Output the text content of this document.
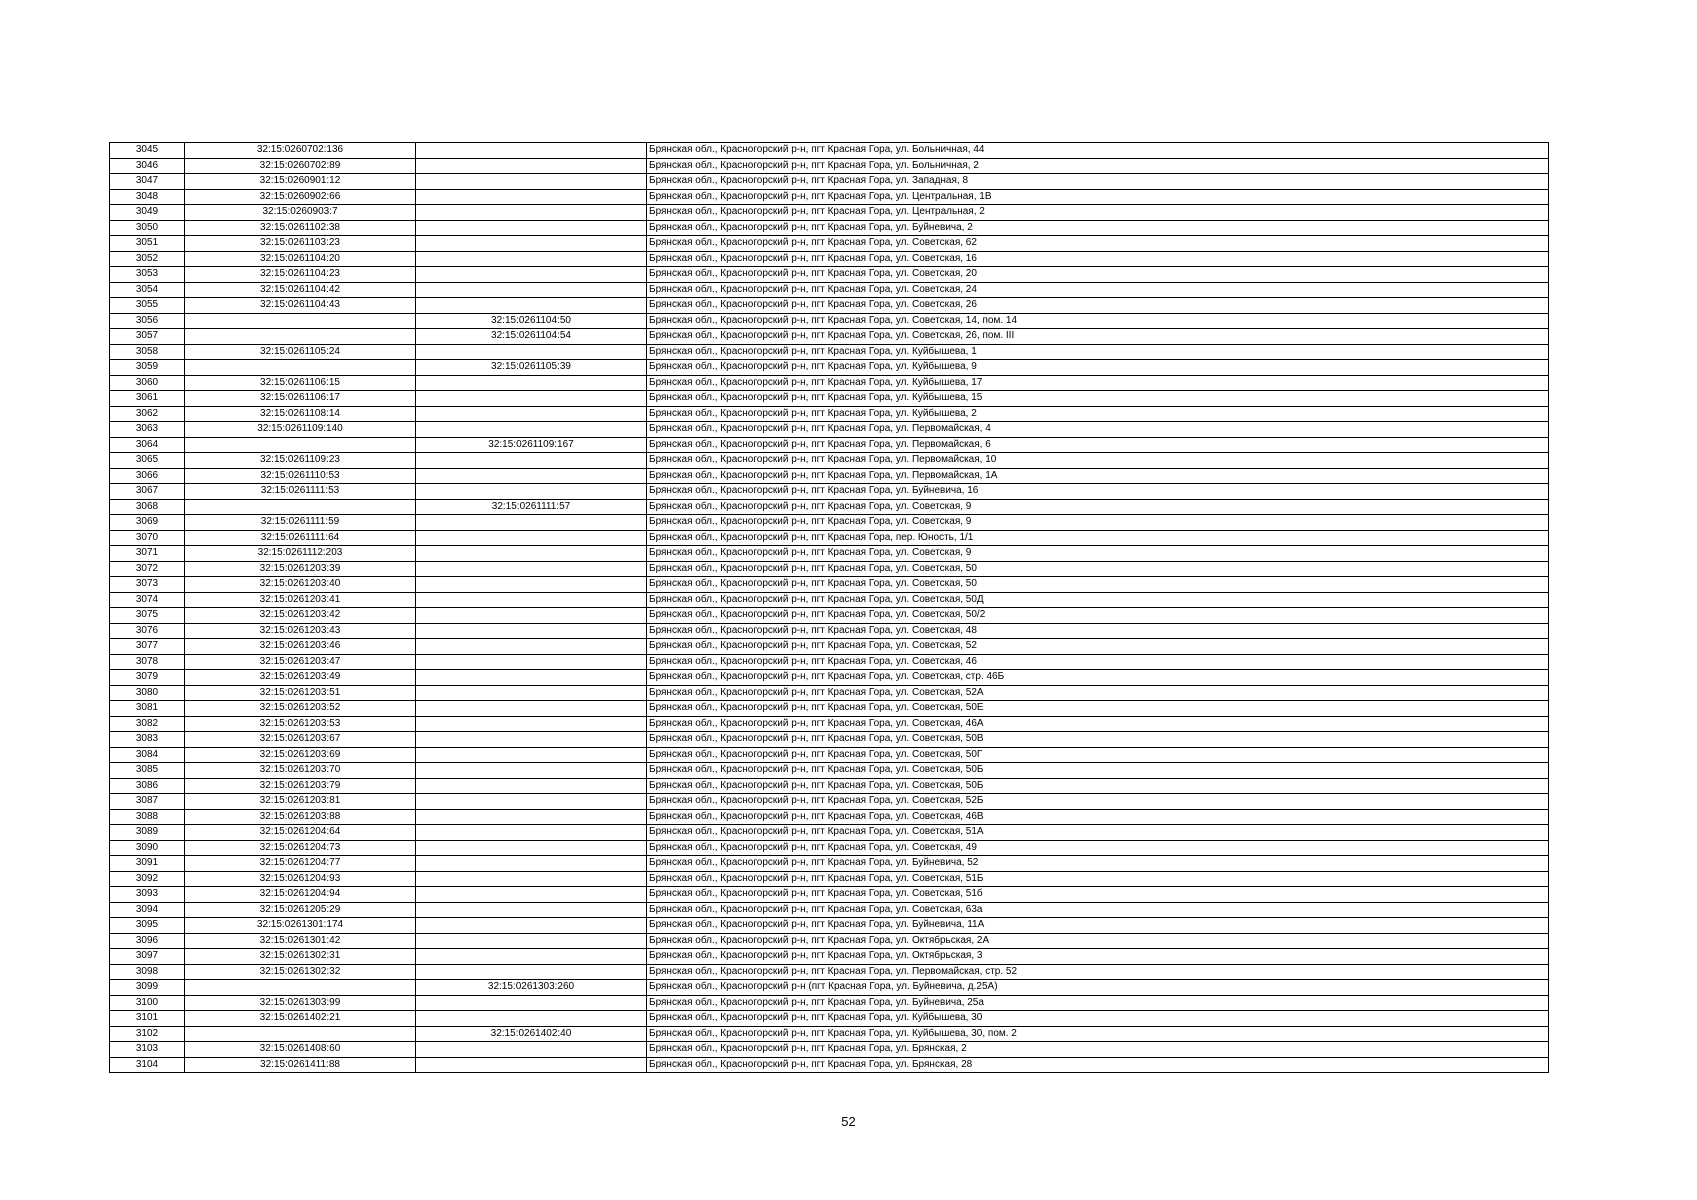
3045	32:15:0260702:136		Брянская обл., Красногорский р-н, пгт Красная Гора, ул. Больничная, 44
3046	32:15:0260702:89		Брянская обл., Красногорский р-н, пгт Красная Гора, ул. Больничная, 2
3047	32:15:0260901:12		Брянская обл., Красногорский р-н, пгт Красная Гора, ул. Западная, 8
3048	32:15:0260902:66		Брянская обл., Красногорский р-н, пгт Красная Гора, ул. Центральная, 1В
3049	32:15:0260903:7		Брянская обл., Красногорский р-н, пгт Красная Гора, ул. Центральная, 2
3050	32:15:0261102:38		Брянская обл., Красногорский р-н, пгт Красная Гора, ул. Буйневича, 2
3051	32:15:0261103:23		Брянская обл., Красногорский р-н, пгт Красная Гора, ул. Советская, 62
3052	32:15:0261104:20		Брянская обл., Красногорский р-н, пгт Красная Гора, ул. Советская, 16
3053	32:15:0261104:23		Брянская обл., Красногорский р-н, пгт Красная Гора, ул. Советская, 20
3054	32:15:0261104:42		Брянская обл., Красногорский р-н, пгт Красная Гора, ул. Советская, 24
3055	32:15:0261104:43		Брянская обл., Красногорский р-н, пгт Красная Гора, ул. Советская, 26
3056		32:15:0261104:50	Брянская обл., Красногорский р-н, пгт Красная Гора, ул. Советская, 14, пом. 14
3057		32:15:0261104:54	Брянская обл., Красногорский р-н, пгт Красная Гора, ул. Советская, 26, пом. III
3058	32:15:0261105:24		Брянская обл., Красногорский р-н, пгт Красная Гора, ул. Куйбышева, 1
3059		32:15:0261105:39	Брянская обл., Красногорский р-н, пгт Красная Гора, ул. Куйбышева, 9
3060	32:15:0261106:15		Брянская обл., Красногорский р-н, пгт Красная Гора, ул. Куйбышева, 17
3061	32:15:0261106:17		Брянская обл., Красногорский р-н, пгт Красная Гора, ул. Куйбышева, 15
3062	32:15:0261108:14		Брянская обл., Красногорский р-н, пгт Красная Гора, ул. Куйбышева, 2
3063	32:15:0261109:140		Брянская обл., Красногорский р-н, пгт Красная Гора, ул. Первомайская, 4
3064		32:15:0261109:167	Брянская обл., Красногорский р-н, пгт Красная Гора, ул. Первомайская, 6
3065	32:15:0261109:23		Брянская обл., Красногорский р-н, пгт Красная Гора, ул. Первомайская, 10
3066	32:15:0261110:53		Брянская обл., Красногорский р-н, пгт Красная Гора, ул. Первомайская, 1А
3067	32:15:0261111:53		Брянская обл., Красногорский р-н, пгт Красная Гора, ул. Буйневича, 16
3068		32:15:0261111:57	Брянская обл., Красногорский р-н, пгт Красная Гора, ул. Советская, 9
3069	32:15:0261111:59		Брянская обл., Красногорский р-н, пгт Красная Гора, ул. Советская, 9
3070	32:15:0261111:64		Брянская обл., Красногорский р-н, пгт Красная Гора, пер. Юность, 1/1
3071	32:15:0261112:203		Брянская обл., Красногорский р-н, пгт Красная Гора, ул. Советская, 9
3072	32:15:0261203:39		Брянская обл., Красногорский р-н, пгт Красная Гора, ул. Советская, 50
3073	32:15:0261203:40		Брянская обл., Красногорский р-н, пгт Красная Гора, ул. Советская, 50
3074	32:15:0261203:41		Брянская обл., Красногорский р-н, пгт Красная Гора, ул. Советская, 50Д
3075	32:15:0261203:42		Брянская обл., Красногорский р-н, пгт Красная Гора, ул. Советская, 50/2
3076	32:15:0261203:43		Брянская обл., Красногорский р-н, пгт Красная Гора, ул. Советская, 48
3077	32:15:0261203:46		Брянская обл., Красногорский р-н, пгт Красная Гора, ул. Советская, 52
3078	32:15:0261203:47		Брянская обл., Красногорский р-н, пгт Красная Гора, ул. Советская, 46
3079	32:15:0261203:49		Брянская обл., Красногорский р-н, пгт Красная Гора, ул. Советская, стр. 46Б
3080	32:15:0261203:51		Брянская обл., Красногорский р-н, пгт Красная Гора, ул. Советская, 52А
3081	32:15:0261203:52		Брянская обл., Красногорский р-н, пгт Красная Гора, ул. Советская, 50Е
3082	32:15:0261203:53		Брянская обл., Красногорский р-н, пгт Красная Гора, ул. Советская, 46А
3083	32:15:0261203:67		Брянская обл., Красногорский р-н, пгт Красная Гора, ул. Советская, 50В
3084	32:15:0261203:69		Брянская обл., Красногорский р-н, пгт Красная Гора, ул. Советская, 50Г
3085	32:15:0261203:70		Брянская обл., Красногорский р-н, пгт Красная Гора, ул. Советская, 50Б
3086	32:15:0261203:79		Брянская обл., Красногорский р-н, пгт Красная Гора, ул. Советская, 50Б
3087	32:15:0261203:81		Брянская обл., Красногорский р-н, пгт Красная Гора, ул. Советская, 52Б
3088	32:15:0261203:88		Брянская обл., Красногорский р-н, пгт Красная Гора, ул. Советская, 46В
3089	32:15:0261204:64		Брянская обл., Красногорский р-н, пгт Красная Гора, ул. Советская, 51А
3090	32:15:0261204:73		Брянская обл., Красногорский р-н, пгт Красная Гора, ул. Советская, 49
3091	32:15:0261204:77		Брянская обл., Красногорский р-н, пгт Красная Гора, ул. Буйневича, 52
3092	32:15:0261204:93		Брянская обл., Красногорский р-н, пгт Красная Гора, ул. Советская, 51Б
3093	32:15:0261204:94		Брянская обл., Красногорский р-н, пгт Красная Гора, ул. Советская, 51б
3094	32:15:0261205:29		Брянская обл., Красногорский р-н, пгт Красная Гора, ул. Советская, 63а
3095	32:15:0261301:174		Брянская обл., Красногорский р-н, пгт Красная Гора, ул. Буйневича, 11А
3096	32:15:0261301:42		Брянская обл., Красногорский р-н, пгт Красная Гора, ул. Октябрьская, 2А
3097	32:15:0261302:31		Брянская обл., Красногорский р-н, пгт Красная Гора, ул. Октябрьская, 3
3098	32:15:0261302:32		Брянская обл., Красногорский р-н, пгт Красная Гора, ул. Первомайская, стр. 52
3099		32:15:0261303:260	Брянская обл., Красногорский р-н (пгт Красная Гора, ул. Буйневича, д.25А)
3100	32:15:0261303:99		Брянская обл., Красногорский р-н, пгт Красная Гора, ул. Буйневича, 25а
3101	32:15:0261402:21		Брянская обл., Красногорский р-н, пгт Красная Гора, ул. Куйбышева, 30
3102		32:15:0261402:40	Брянская обл., Красногорский р-н, пгт Красная Гора, ул. Куйбышева, 30, пом. 2
3103	32:15:0261408:60		Брянская обл., Красногорский р-н, пгт Красная Гора, ул. Брянская, 2
3104	32:15:0261411:88		Брянская обл., Красногорский р-н, пгт Красная Гора, ул. Брянская, 28
52
